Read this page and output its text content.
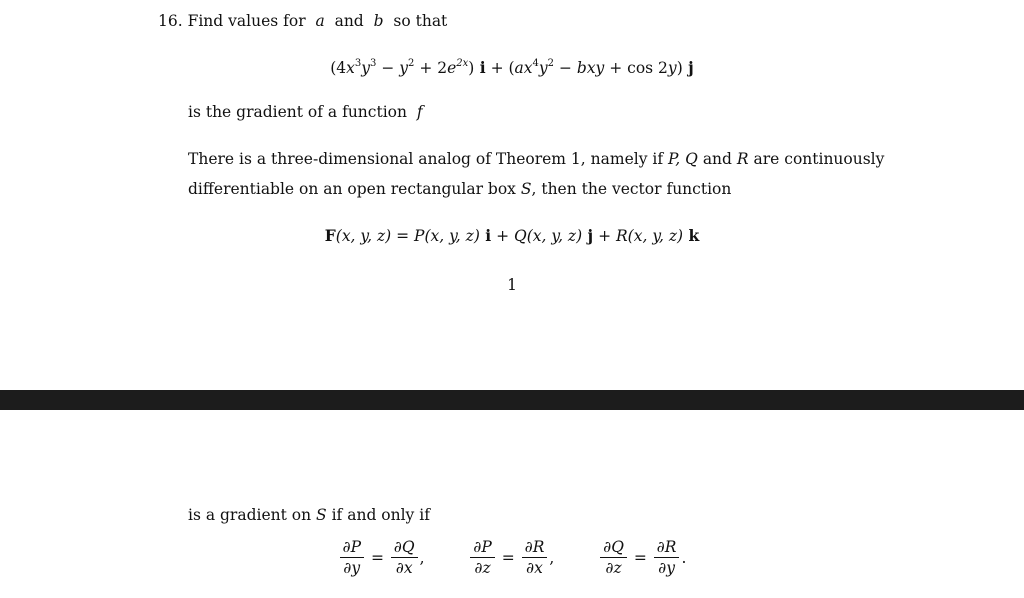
16. Find values for a and b so that
$(4x^3y^3 - y^2 + 2e^{2x}) i + (ax^4y^2$ − bxy + cos 2y) j
is the gradient of a function f
There is a three-dimensional analog of Theorem 1, namely if P, Q and R are continuously
differentiable on an open rectangular box S, then the vector function
F(x, y, z) = P(x, y, z) i + Q(x, y, z) j + R(x, y, z) k
1
is a gradient on S if and only if
$\frac{\partial P}{\partial y} = \frac{\partial Q}{\partial x}$ ,
	$\frac{\partial P}{\partial z} = \frac{\partial R}{\partial x}$ ,
	$\frac{\partial Q}{\partial z} = \frac{\partial R}{\partial y}$ .
